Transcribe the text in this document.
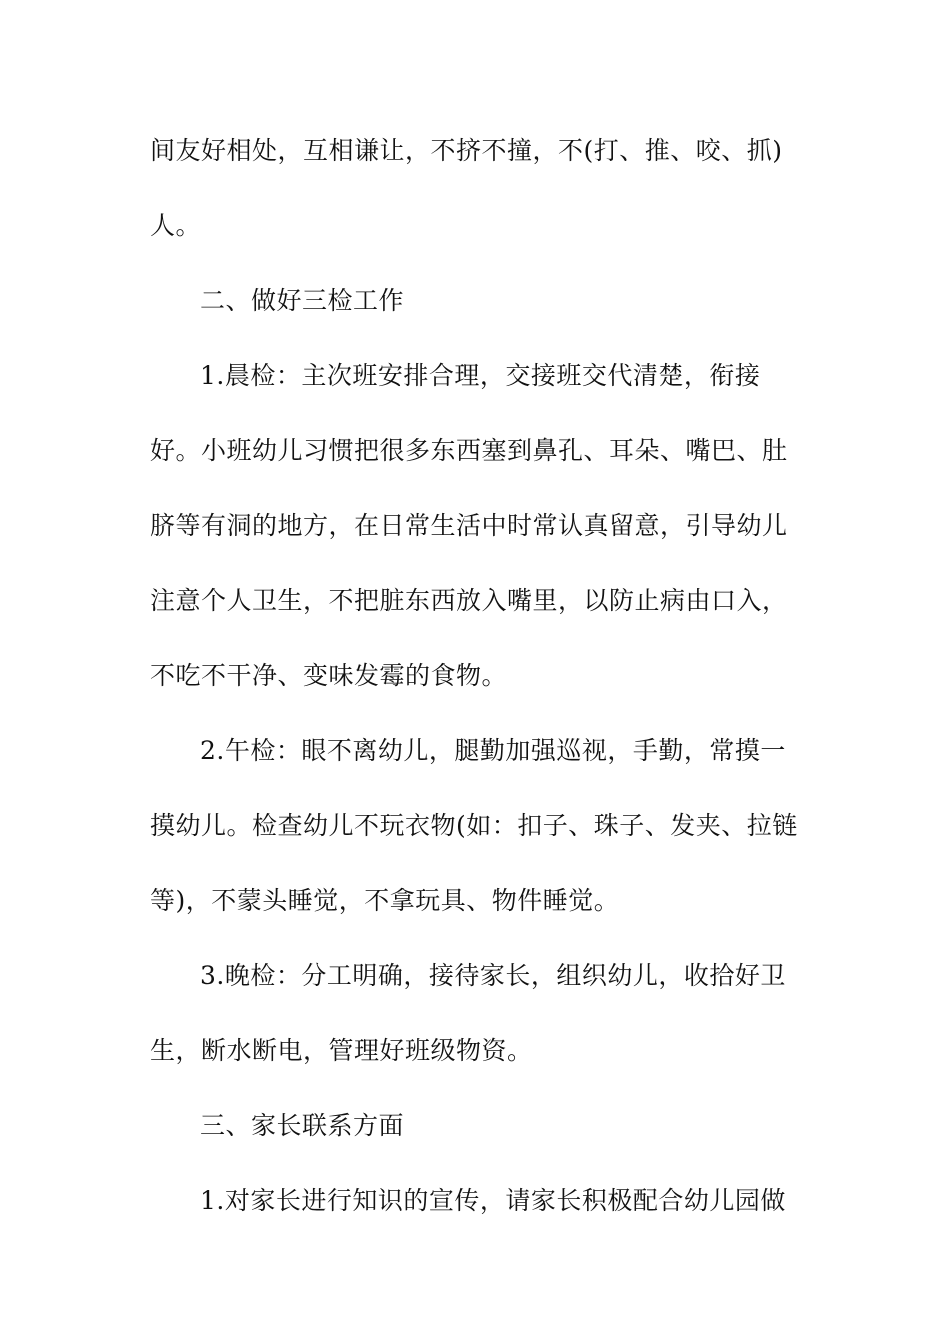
间友好相处，互相谦让，不挤不撞，不(打、推、咬、抓)
人。
二、做好三检工作
1.晨检：主次班安排合理，交接班交代清楚，衔接
好。小班幼儿习惯把很多东西塞到鼻孔、耳朵、嘴巴、肚
脐等有洞的地方，在日常生活中时常认真留意，引导幼儿
注意个人卫生，不把脏东西放入嘴里，以防止病由口入，
不吃不干净、变味发霉的食物。
2.午检：眼不离幼儿，腿勤加强巡视，手勤，常摸一
摸幼儿。检查幼儿不玩衣物(如：扣子、珠子、发夹、拉链
等)，不蒙头睡觉，不拿玩具、物件睡觉。
3.晚检：分工明确，接待家长，组织幼儿，收拾好卫
生，断水断电，管理好班级物资。
三、家长联系方面
1.对家长进行知识的宣传，请家长积极配合幼儿园做
